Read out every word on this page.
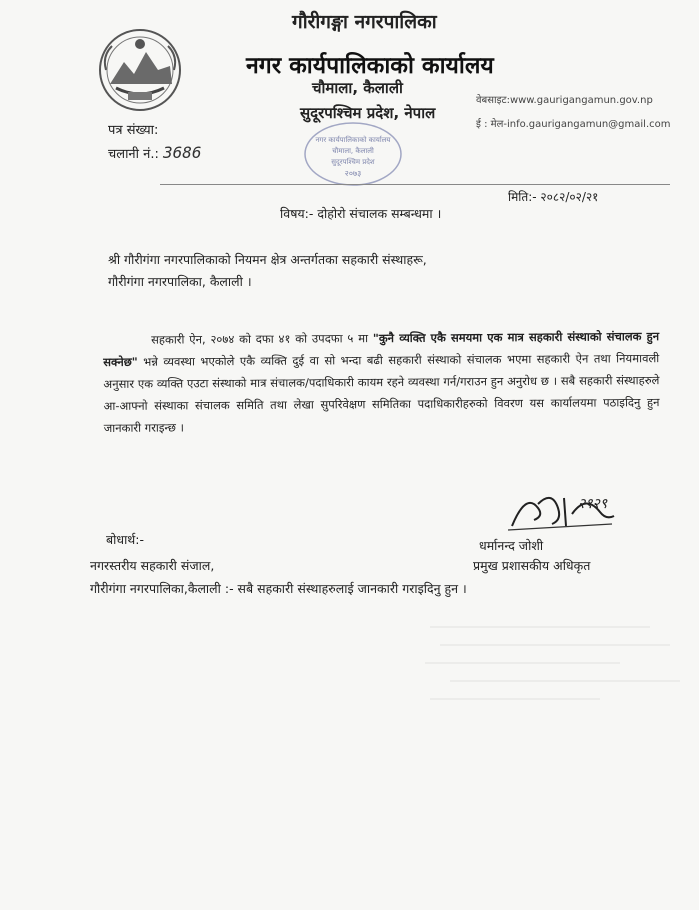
गौरीगङ्गा नगरपालिका
नगर कार्यपालिकाको कार्यालय
चौमाला, कैलाली
सुदूरपश्चिम प्रदेश, नेपाल
वेबसाइट:www.gaurigangamun.gov.np
ई : मेल-info.gaurigangamun@gmail.com
नगर कार्यपालिकाको कार्यालय
चौमाला, कैलाली
सुदूरपश्चिम प्रदेश
२०७३
पत्र संख्या:
चलानी नं.: 3686
मिति:- २०८२/०२/२१
विषय:- दोहोरो संचालक सम्बन्धमा ।
श्री गौरीगंगा नगरपालिकाको नियमन क्षेत्र अन्तर्गतका सहकारी संस्थाहरू,
गौरीगंगा नगरपालिका, कैलाली ।
सहकारी ऐन, २०७४ को दफा ४१ को उपदफा ५ मा "कुनै व्यक्ति एकै समयमा एक मात्र सहकारी संस्थाको संचालक हुन सक्नेछ" भन्ने व्यवस्था भएकोले एकै व्यक्ति दुई वा सो भन्दा बढी सहकारी संस्थाको संचालक भएमा सहकारी ऐन तथा नियमावली अनुसार एक व्यक्ति एउटा संस्थाको मात्र संचालक/पदाधिकारी कायम रहने व्यवस्था गर्न/गराउन हुन अनुरोध छ । सबै सहकारी संस्थाहरुले आ-आफ्नो संस्थाका संचालक समिति तथा लेखा सुपरिवेक्षण समितिका पदाधिकारीहरुको विवरण यस कार्यालयमा पठाइदिनु हुन जानकारी गराइन्छ ।
२१२९
धर्मानन्द जोशी
प्रमुख प्रशासकीय अधिकृत
बोधार्थ:-
नगरस्तरीय सहकारी संजाल,
गौरीगंगा नगरपालिका,कैलाली :- सबै सहकारी संस्थाहरुलाई जानकारी गराइदिनु हुन ।
